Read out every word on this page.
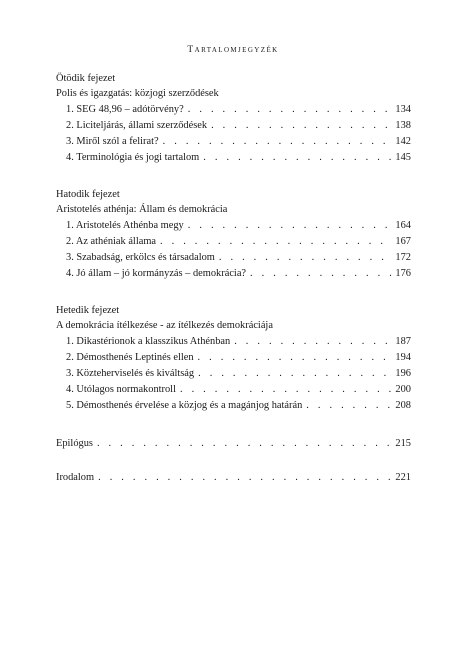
Tartalomjegyzék
Ötödik fejezet
Polis és igazgatás: közjogi szerződések
1. SEG 48,96 – adótörvény? . . .	134
2. Liciteljárás, állami szerződések . . .	138
3. Miről szól a felirat? . . .	142
4. Terminológia és jogi tartalom . . .	145
Hatodik fejezet
Aristotelés athénja: Állam és demokrácia
1. Aristotelés Athénba megy . . .	164
2. Az athéniak állama . . .	167
3. Szabadság, erkölcs és társadalom . . .	172
4. Jó állam – jó kormányzás – demokrácia? . . .	176
Hetedik fejezet
A demokrácia ítélkezése - az ítélkezés demokráciája
1. Dikastérionok a klasszikus Athénban . . .	187
2. Démosthenés Leptinés ellen . . .	194
3. Közteherviselés és kiváltság . . .	196
4. Utólagos normakontroll . . .	200
5. Démosthenés érvelése a közjog és a magánjog határán . . .	208
Epilógus . . .	215
Irodalom . . .	221
